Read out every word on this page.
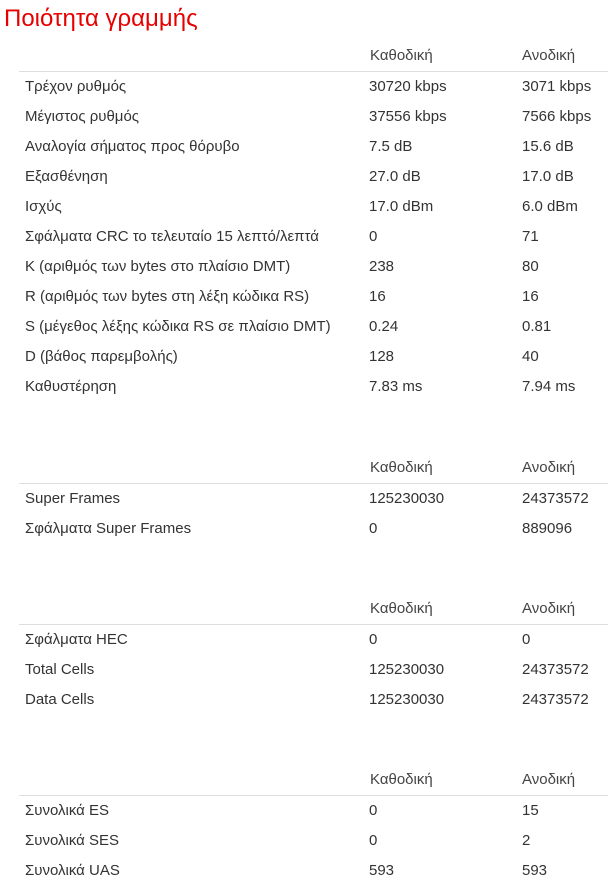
Ποιότητα γραμμής
Καθοδική	Ανοδική
Τρέχον ρυθμός	30720 kbps	3071 kbps
Μέγιστος ρυθμός	37556 kbps	7566 kbps
Αναλογία σήματος προς θόρυβο	7.5 dB	15.6 dB
Εξασθένηση	27.0 dB	17.0 dB
Ισχύς	17.0 dBm	6.0 dBm
Σφάλματα CRC το τελευταίο 15 λεπτό/λεπτά	0	71
K (αριθμός των bytes στο πλαίσιο DMT)	238	80
R (αριθμός των bytes στη λέξη κώδικα RS)	16	16
S (μέγεθος λέξης κώδικα RS σε πλαίσιο DMT)	0.24	0.81
D (βάθος παρεμβολής)	128	40
Καθυστέρηση	7.83 ms	7.94 ms
Καθοδική	Ανοδική
Super Frames	125230030	24373572
Σφάλματα Super Frames	0	889096
Καθοδική	Ανοδική
Σφάλματα HEC	0	0
Total Cells	125230030	24373572
Data Cells	125230030	24373572
Καθοδική	Ανοδική
Συνολικά ES	0	15
Συνολικά SES	0	2
Συνολικά UAS	593	593
